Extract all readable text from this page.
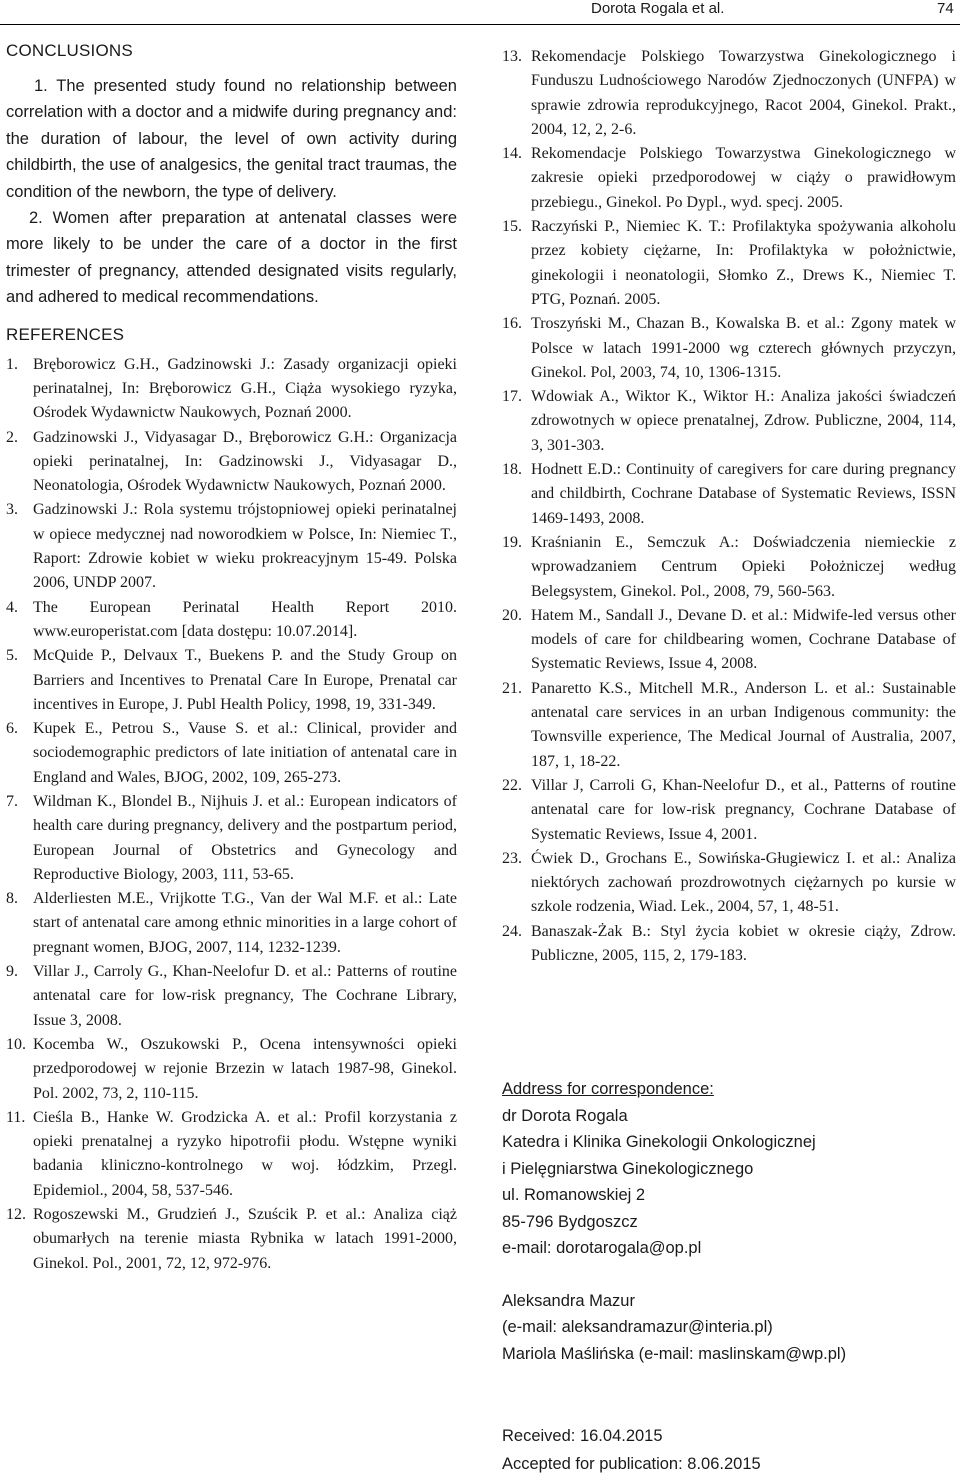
Dorota Rogala et al.	74
CONCLUSIONS

1. The presented study found no relationship between correlation with a doctor and a midwife during pregnancy and: the duration of labour, the level of own activity during childbirth, the use of analgesics, the genital tract traumas, the condition of the newborn, the type of delivery.

2. Women after preparation at antenatal classes were more likely to be under the care of a doctor in the first trimester of pregnancy, attended designated visits regularly, and adhered to medical recommendations.

REFERENCES

1. Bręborowicz G.H., Gadzinowski J.: Zasady organizacji opieki perinatalnej, In: Bręborowicz G.H., Ciąża wysokiego ryzyka, Ośrodek Wydawnictw Naukowych, Poznań 2000.

2. Gadzinowski J., Vidyasagar D., Bręborowicz G.H.: Organizacja opieki perinatalnej, In: Gadzinowski J., Vidyasagar D., Neonatologia, Ośrodek Wydawnictw Naukowych, Poznań 2000.

3. Gadzinowski J.: Rola systemu trójstopniowej opieki perinatalnej w opiece medycznej nad noworodkiem w Polsce, In: Niemiec T., Raport: Zdrowie kobiet w wieku prokreacyjnym 15-49. Polska 2006, UNDP 2007.

4. The European Perinatal Health Report 2010. www.europeristat.com [data dostępu: 10.07.2014].

5. McQuide P., Delvaux T., Buekens P. and the Study Group on Barriers and Incentives to Prenatal Care In Europe, Prenatal car incentives in Europe, J. Publ Health Policy, 1998, 19, 331-349.

6. Kupek E., Petrou S., Vause S. et al.: Clinical, provider and sociodemographic predictors of late initiation of antenatal care in England and Wales, BJOG, 2002, 109, 265-273.

7. Wildman K., Blondel B., Nijhuis J. et al.: European indicators of health care during pregnancy, delivery and the postpartum period, European Journal of Obstetrics and Gynecology and Reproductive Biology, 2003, 111, 53-65.

8. Alderliesten M.E., Vrijkotte T.G., Van der Wal M.F. et al.: Late start of antenatal care among ethnic minorities in a large cohort of pregnant women, BJOG, 2007, 114, 1232-1239.

9. Villar J., Carroly G., Khan-Neelofur D. et al.: Patterns of routine antenatal care for low-risk pregnancy, The Cochrane Library, Issue 3, 2008.

10. Kocemba W., Oszukowski P., Ocena intensywności opieki przedporodowej w rejonie Brzezin w latach 1987-98, Ginekol. Pol. 2002, 73, 2, 110-115.

11. Cieśla B., Hanke W. Grodzicka A. et al.: Profil korzystania z opieki prenatalnej a ryzyko hipotrofii płodu. Wstępne wyniki badania kliniczno-kontrolnego w woj. łódzkim, Przegl. Epidemiol., 2004, 58, 537-546.

12. Rogoszewski M., Grudzień J., Szuścik P. et al.: Analiza ciąż obumarłych na terenie miasta Rybnika w latach 1991-2000, Ginekol. Pol., 2001, 72, 12, 972-976.

13. Rekomendacje Polskiego Towarzystwa Ginekologicznego i Funduszu Ludnościowego Narodów Zjednoczonych (UNFPA) w sprawie zdrowia reprodukcyjnego, Racot 2004, Ginekol. Prakt., 2004, 12, 2, 2-6.

14. Rekomendacje Polskiego Towarzystwa Ginekologicznego w zakresie opieki przedporodowej w ciąży o prawidłowym przebiegu., Ginekol. Po Dypl., wyd. specj. 2005.

15. Raczyński P., Niemiec K. T.: Profilaktyka spożywania alkoholu przez kobiety ciężarne, In: Profilaktyka w położnictwie, ginekologii i neonatologii, Słomko Z., Drews K., Niemiec T. PTG, Poznań. 2005.

16. Troszyński M., Chazan B., Kowalska B. et al.: Zgony matek w Polsce w latach 1991-2000 wg czterech głównych przyczyn, Ginekol. Pol, 2003, 74, 10, 1306-1315.

17. Wdowiak A., Wiktor K., Wiktor H.: Analiza jakości świadczeń zdrowotnych w opiece prenatalnej, Zdrow. Publiczne, 2004, 114, 3, 301-303.

18. Hodnett E.D.: Continuity of caregivers for care during pregnancy and childbirth, Cochrane Database of Systematic Reviews, ISSN 1469-1493, 2008.

19. Kraśnianin E., Semczuk A.: Doświadczenia niemieckie z wprowadzaniem Centrum Opieki Położniczej według Belegsystem, Ginekol. Pol., 2008, 79, 560-563.

20. Hatem M., Sandall J., Devane D. et al.: Midwife-led versus other models of care for childbearing women, Cochrane Database of Systematic Reviews, Issue 4, 2008.

21. Panaretto K.S., Mitchell M.R., Anderson L. et al.: Sustainable antenatal care services in an urban Indigenous community: the Townsville experience, The Medical Journal of Australia, 2007, 187, 1, 18-22.

22. Villar J, Carroli G, Khan-Neelofur D., et al., Patterns of routine antenatal care for low-risk pregnancy, Cochrane Database of Systematic Reviews, Issue 4, 2001.

23. Ćwiek D., Grochans E., Sowińska-Gługiewicz I. et al.: Analiza niektórych zachowań prozdrowotnych ciężarnych po kursie w szkole rodzenia, Wiad. Lek., 2004, 57, 1, 48-51.

24. Banaszak-Żak B.: Styl życia kobiet w okresie ciąży, Zdrow. Publiczne, 2005, 115, 2, 179-183.

Address for correspondence:
dr Dorota Rogala
Katedra i Klinika Ginekologii Onkologicznej
i Pielęgniarstwa Ginekologicznego
ul. Romanowskiej 2
85-796 Bydgoszcz
e-mail: dorotarogala@op.pl
Aleksandra Mazur
(e-mail: aleksandramazur@interia.pl)
Mariola Maślińska (e-mail: maslinskam@wp.pl)
Received: 16.04.2015
Accepted for publication: 8.06.2015
